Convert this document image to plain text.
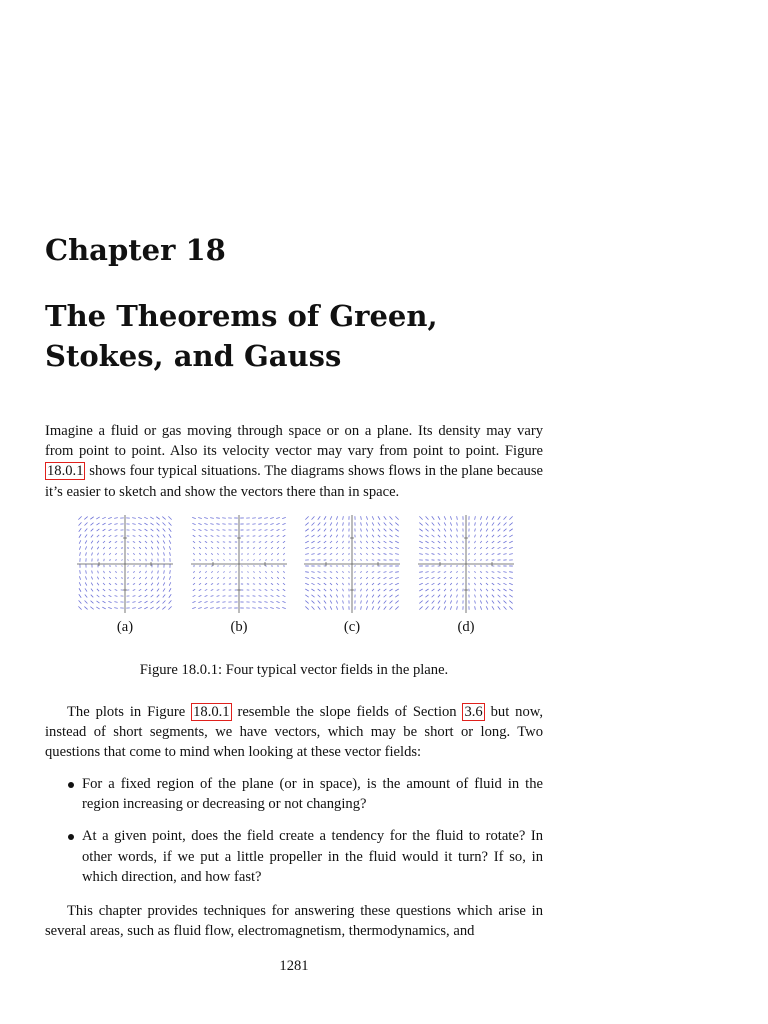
Chapter 18
The Theorems of Green, Stokes, and Gauss

Imagine a fluid or gas moving through space or on a plane. Its density may vary from point to point. Also its velocity vector may vary from point to point. Figure 18.0.1 shows four typical situations. The diagrams shows flows in the plane because it’s easier to sketch and show the vectors there than in space.

(a)	(b)	(c)	(d)
Figure 18.0.1: Four typical vector fields in the plane.

The plots in Figure 18.0.1 resemble the slope fields of Section 3.6 but now, instead of short segments, we have vectors, which may be short or long. Two questions that come to mind when looking at these vector fields:

For a fixed region of the plane (or in space), is the amount of fluid in the region increasing or decreasing or not changing?
At a given point, does the field create a tendency for the fluid to rotate? In other words, if we put a little propeller in the fluid would it turn? If so, in which direction, and how fast?

This chapter provides techniques for answering these questions which arise in several areas, such as fluid flow, electromagnetism, thermodynamics, and

1281
